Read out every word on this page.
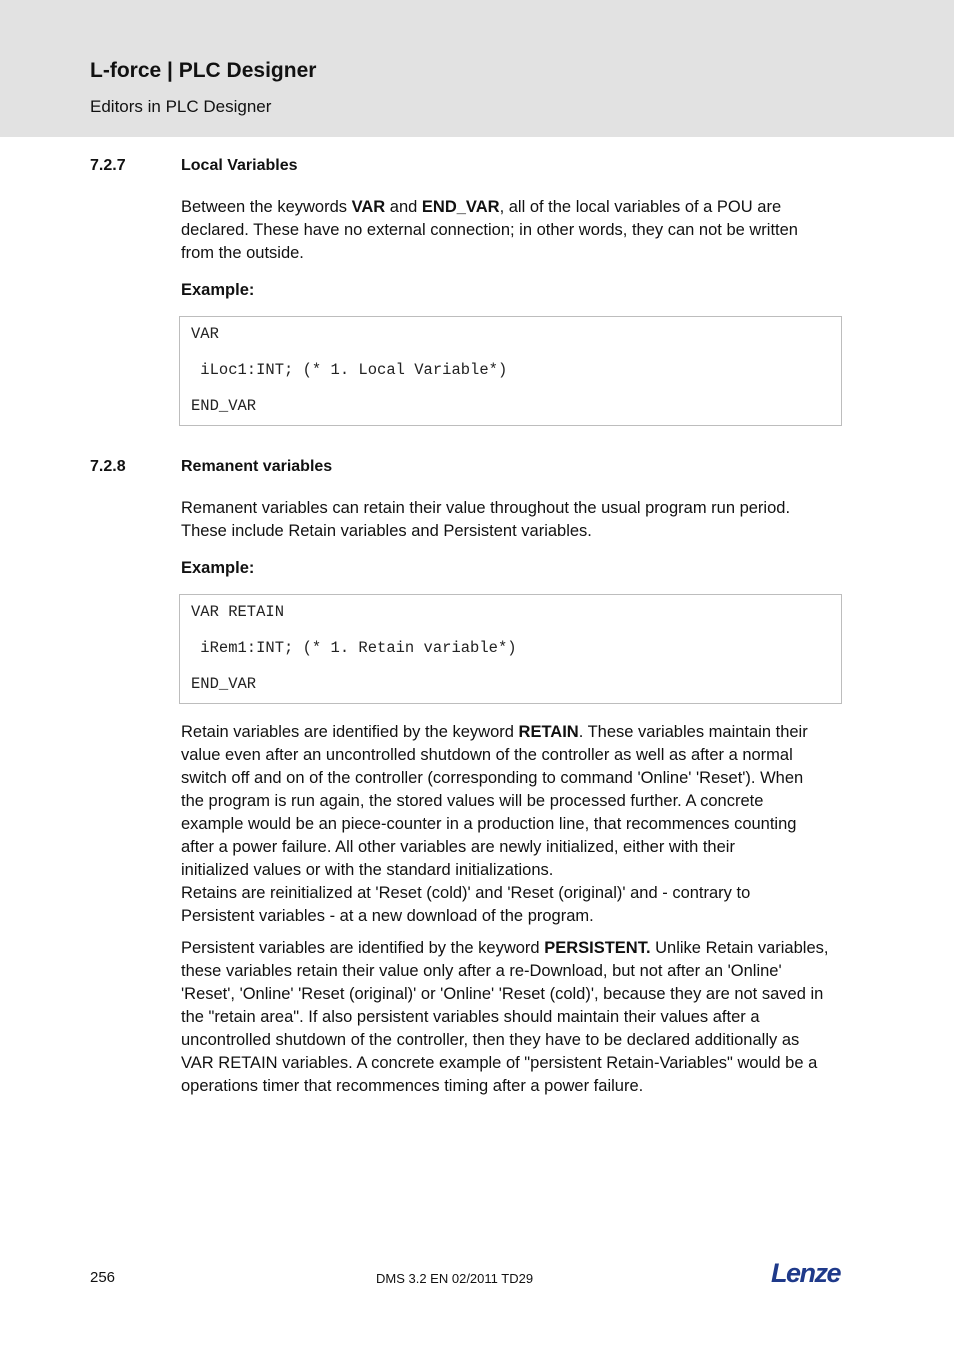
L-force | PLC Designer
Editors in PLC Designer
7.2.7	Local Variables

Between the keywords VAR and END_VAR, all of the local variables of a POU are
declared. These have no external connection; in other words, they can not be written
from the outside.

Example:
VAR
iLoc1:INT; (* 1. Local Variable*)
END_VAR
7.2.8	Remanent variables

Remanent variables can retain their value throughout the usual program run period.
These include Retain variables and Persistent variables.

Example:
VAR RETAIN
iRem1:INT; (* 1. Retain variable*)
END_VAR

Retain variables are identified by the keyword RETAIN. These variables maintain their
value even after an uncontrolled shutdown of the controller as well as after a normal
switch off and on of the controller (corresponding to command 'Online' 'Reset'). When
the program is run again, the stored values will be processed further. A concrete
example would be an piece-counter in a production line, that recommences counting
after a power failure. All other variables are newly initialized, either with their
initialized values or with the standard initializations.
Retains are reinitialized at 'Reset (cold)' and 'Reset (original)' and - contrary to
Persistent variables - at a new download of the program.

Persistent variables are identified by the keyword PERSISTENT. Unlike Retain variables,
these variables retain their value only after a re-Download, but not after an 'Online'
'Reset', 'Online' 'Reset (original)' or 'Online' 'Reset (cold)', because they are not saved in
the "retain area". If also persistent variables should maintain their values after a
uncontrolled shutdown of the controller, then they have to be declared additionally as
VAR RETAIN variables. A concrete example of "persistent Retain-Variables" would be a
operations timer that recommences timing after a power failure.

256	DMS 3.2 EN 02/2011 TD29	Lenze
